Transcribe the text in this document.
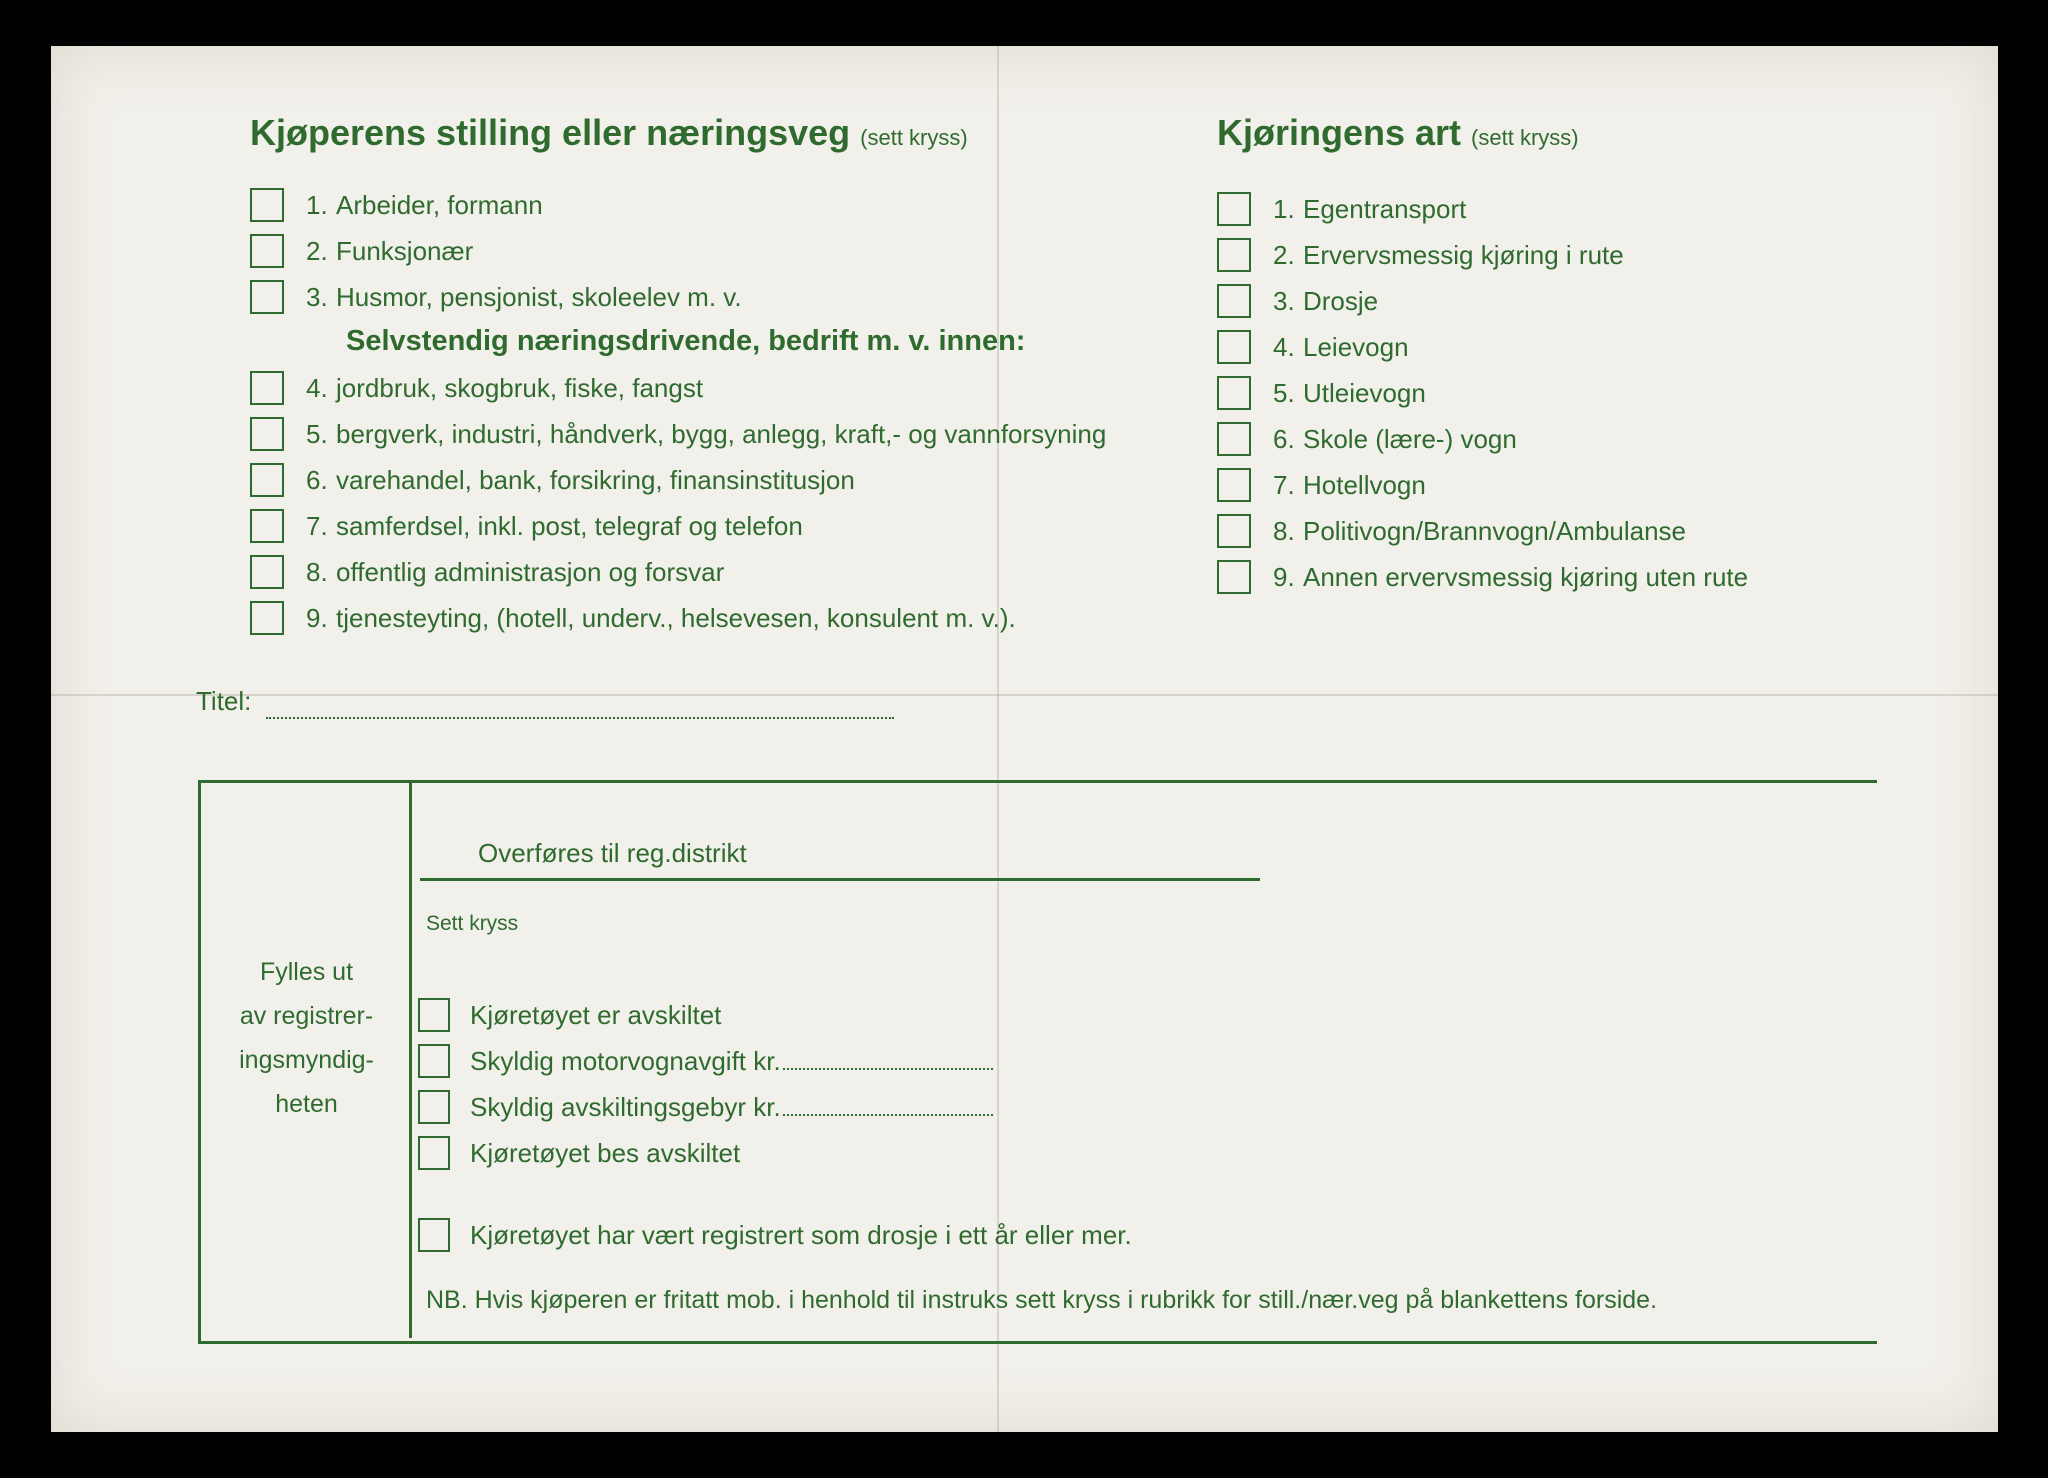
Kjøperens stilling eller næringsveg (sett kryss)
1. Arbeider, formann
2. Funksjonær
3. Husmor, pensjonist, skoleelev m. v.
Selvstendig næringsdrivende, bedrift m. v. innen:
4. jordbruk, skogbruk, fiske, fangst
5. bergverk, industri, håndverk, bygg, anlegg, kraft,- og vannforsyning
6. varehandel, bank, forsikring, finansinstitusjon
7. samferdsel, inkl. post, telegraf og telefon
8. offentlig administrasjon og forsvar
9. tjenesteyting, (hotell, underv., helsevesen, konsulent m. v.).
Kjøringens art (sett kryss)
1. Egentransport
2. Ervervsmessig kjøring i rute
3. Drosje
4. Leievogn
5. Utleievogn
6. Skole (lære-) vogn
7. Hotellvogn
8. Politivogn/Brannvogn/Ambulanse
9. Annen ervervsmessig kjøring uten rute
Titel:
Fylles ut
av registrer-
ingsmyndig-
heten
Overføres til reg.distrikt
Sett kryss
Kjøretøyet er avskiltet
Skyldig motorvognavgift kr.
Skyldig avskiltingsgebyr kr.
Kjøretøyet bes avskiltet
Kjøretøyet har vært registrert som drosje i ett år eller mer.
NB. Hvis kjøperen er fritatt mob. i henhold til instruks sett kryss i rubrikk for still./nær.veg på blankettens forside.
